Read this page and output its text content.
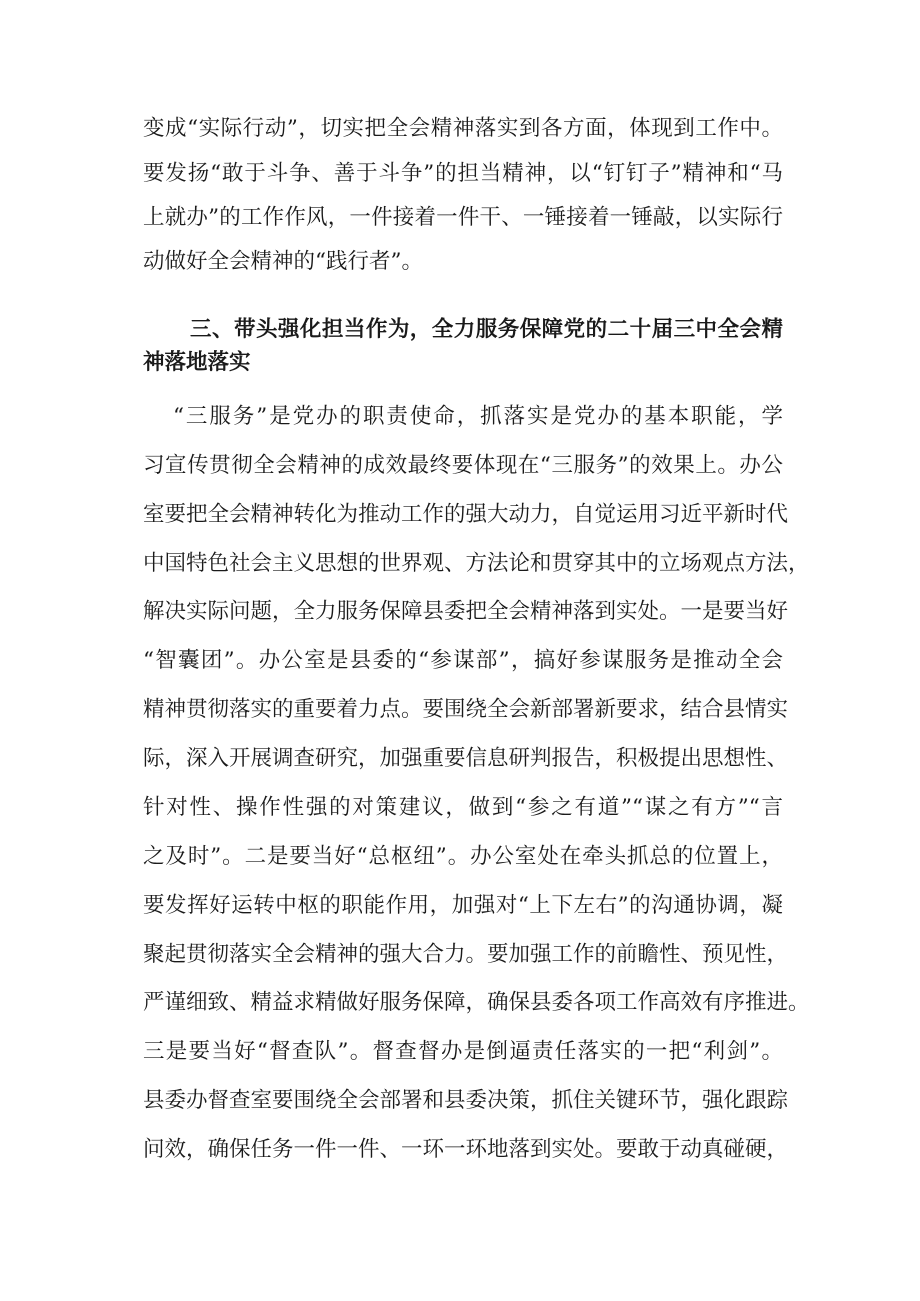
变成“实际行动”，切实把全会精神落实到各方面，体现到工作中。
要发扬“敢于斗争、善于斗争”的担当精神，以“钉钉子”精神和“马
上就办”的工作作风，一件接着一件干、一锤接着一锤敲，以实际行
动做好全会精神的“践行者”。
三、带头强化担当作为，全力服务保障党的二十届三中全会精
神落地落实
“三服务”是党办的职责使命，抓落实是党办的基本职能，学
习宣传贯彻全会精神的成效最终要体现在“三服务”的效果上。办公
室要把全会精神转化为推动工作的强大动力，自觉运用习近平新时代
中国特色社会主义思想的世界观、方法论和贯穿其中的立场观点方法，
解决实际问题，全力服务保障县委把全会精神落到实处。一是要当好
“智囊团”。办公室是县委的“参谋部”，搞好参谋服务是推动全会
精神贯彻落实的重要着力点。要围绕全会新部署新要求，结合县情实
际，深入开展调查研究，加强重要信息研判报告，积极提出思想性、
针对性、操作性强的对策建议，做到“参之有道”“谋之有方”“言
之及时”。二是要当好“总枢纽”。办公室处在牵头抓总的位置上，
要发挥好运转中枢的职能作用，加强对“上下左右”的沟通协调，凝
聚起贯彻落实全会精神的强大合力。要加强工作的前瞻性、预见性，
严谨细致、精益求精做好服务保障，确保县委各项工作高效有序推进。
三是要当好“督查队”。督查督办是倒逼责任落实的一把“利剑”。
县委办督查室要围绕全会部署和县委决策，抓住关键环节，强化跟踪
问效，确保任务一件一件、一环一环地落到实处。要敢于动真碰硬，
